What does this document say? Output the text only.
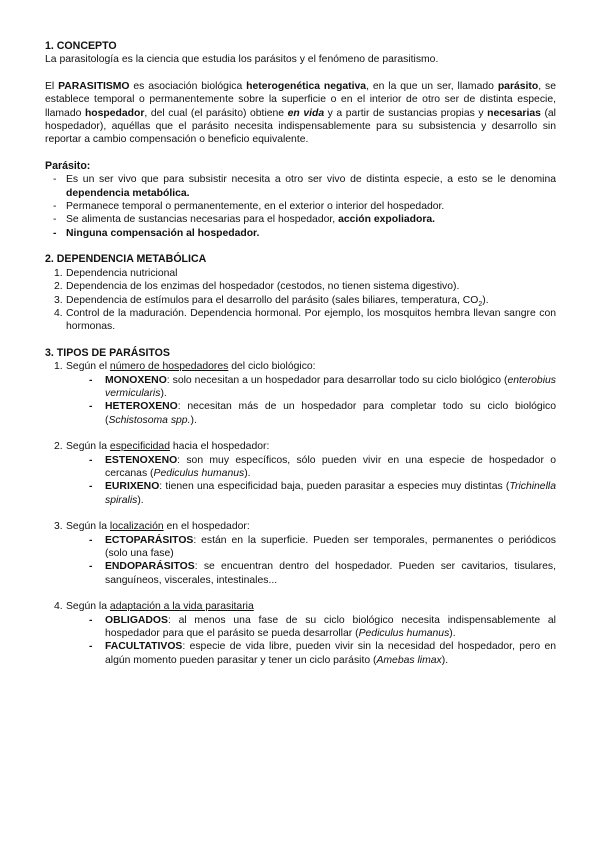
1. CONCEPTO

La parasitología es la ciencia que estudia los parásitos y el fenómeno de parasitismo.

El PARASITISMO es asociación biológica heterogenética negativa, en la que un ser, llamado parásito, se establece temporal o permanentemente sobre la superficie o en el interior de otro ser de distinta especie, llamado hospedador, del cual (el parásito) obtiene en vida y a partir de sustancias propias y necesarias (al hospedador), aquéllas que el parásito necesita indispensablemente para su subsistencia y desarrollo sin reportar a cambio compensación o beneficio equivalente.

Parásito:
- Es un ser vivo que para subsistir necesita a otro ser vivo de distinta especie, a esto se le denomina dependencia metabólica.
- Permanece temporal o permanentemente, en el exterior o interior del hospedador.
- Se alimenta de sustancias necesarias para el hospedador, acción expoliadora.
- Ninguna compensación al hospedador.
2. DEPENDENCIA METABÓLICA
1. Dependencia nutricional
2. Dependencia de los enzimas del hospedador (cestodos, no tienen sistema digestivo).
3. Dependencia de estímulos para el desarrollo del parásito (sales biliares, temperatura, $CO_2$).
4. Control de la maduración. Dependencia hormonal. Por ejemplo, los mosquitos hembra llevan sangre con hormonas.
3. TIPOS DE PARÁSITOS
1. Según el número de hospedadores del ciclo biológico:
- MONOXENO: solo necesitan a un hospedador para desarrollar todo su ciclo biológico (enterobius vermicularis).
- HETEROXENO: necesitan más de un hospedador para completar todo su ciclo biológico (Schistosoma spp.).
2. Según la especificidad hacia el hospedador:
- ESTENOXENO: son muy específicos, sólo pueden vivir en una especie de hospedador o cercanas (Pediculus humanus).
- EURIXENO: tienen una especificidad baja, pueden parasitar a especies muy distintas (Trichinella spiralis).
3. Según la localización en el hospedador:
- ECTOPARÁSITOS: están en la superficie. Pueden ser temporales, permanentes o periódicos (solo una fase)
- ENDOPARÁSITOS: se encuentran dentro del hospedador. Pueden ser cavitarios, tisulares, sanguíneos, viscerales, intestinales...
4. Según la adaptación a la vida parasitaria
- OBLIGADOS: al menos una fase de su ciclo biológico necesita indispensablemente al hospedador para que el parásito se pueda desarrollar (Pediculus humanus).
- FACULTATIVOS: especie de vida libre, pueden vivir sin la necesidad del hospedador, pero en algún momento pueden parasitar y tener un ciclo parásito (Amebas limax).
